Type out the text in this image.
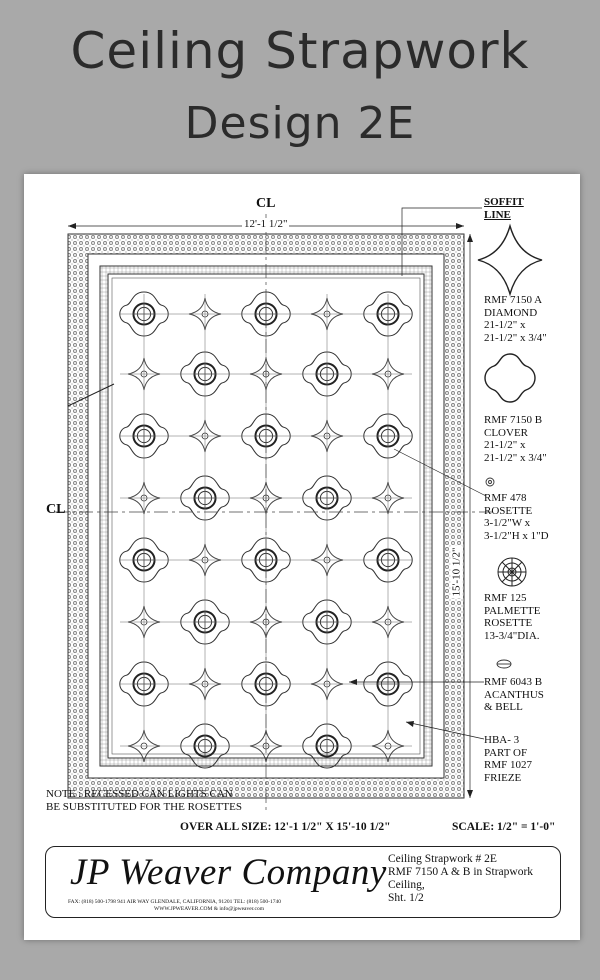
Ceiling Strapwork
Design 2E
CL
CL
12'-1 1/2"
15'-10 1/2"
SOFFIT
LINE
RMF 7150 A
DIAMOND
21-1/2" x
21-1/2" x 3/4"
RMF 7150 B
CLOVER
21-1/2" x
21-1/2" x 3/4"
RMF 478
ROSETTE
3-1/2"W x
3-1/2"H x 1"D
RMF 125
PALMETTE
ROSETTE
13-3/4"DIA.
RMF 6043 B
ACANTHUS
& BELL
HBA- 3
PART OF
RMF 1027
FRIEZE
NOTE : RECESSED CAN LIGHTS CAN
BE SUBSTITUTED FOR THE ROSETTES
OVER ALL SIZE: 12'-1 1/2" X 15'-10 1/2"	SCALE: 1/2" = 1'-0"
JP Weaver Company
FAX: (818) 500-1798 941 AIR WAY GLENDALE, CALIFORNIA, 91201 TEL: (818) 500-1740
WWW.JPWEAVER.COM & info@jpweaver.com
Ceiling Strapwork # 2E
RMF 7150 A & B in Strapwork
Ceiling,
Sht. 1/2
